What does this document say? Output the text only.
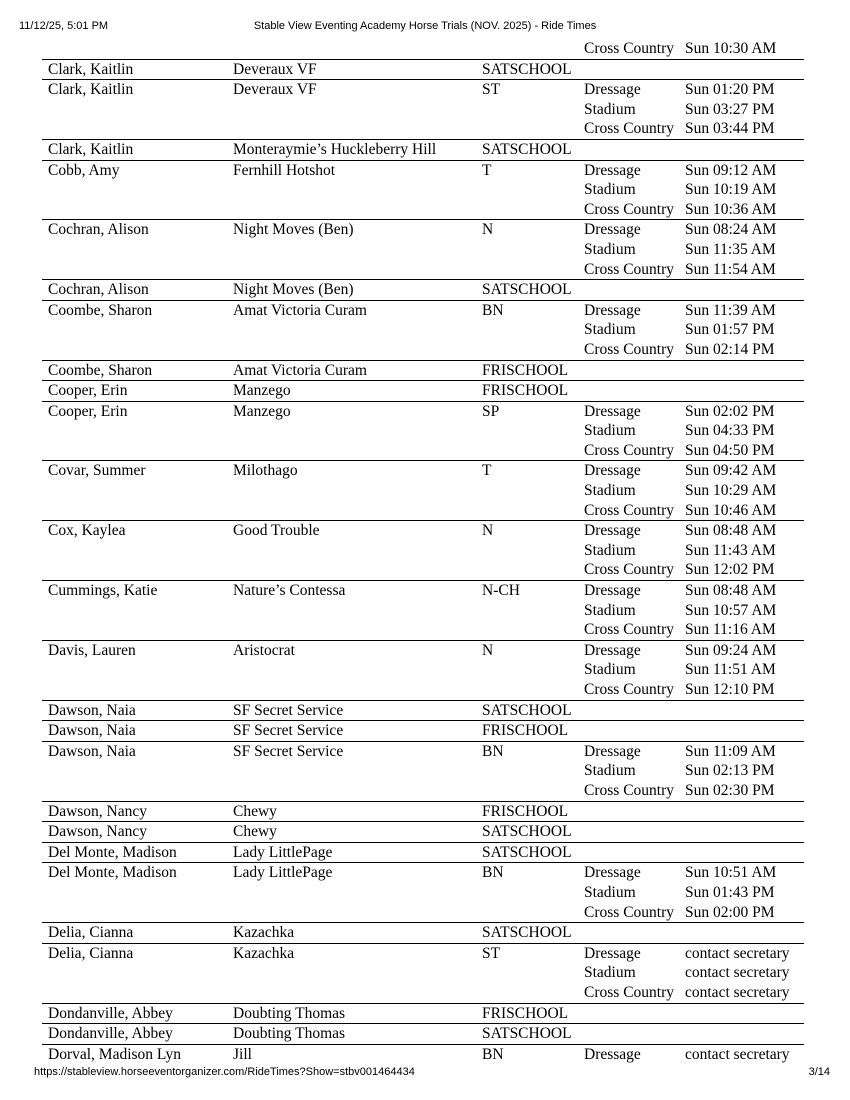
11/12/25, 5:01 PM	Stable View Eventing Academy Horse Trials (NOV. 2025) - Ride Times
Cross Country Sun 10:30 AM
Clark, Kaitlin	Deveraux VF	SATSCHOOL
Clark, Kaitlin	Deveraux VF	ST	Dressage	Sun 01:20 PM
Stadium	Sun 03:27 PM
Cross Country Sun 03:44 PM
Clark, Kaitlin	Monteraymie’s Huckleberry Hill	SATSCHOOL
Cobb, Amy	Fernhill Hotshot	T	Dressage	Sun 09:12 AM
Stadium	Sun 10:19 AM
Cross Country Sun 10:36 AM
Cochran, Alison	Night Moves (Ben)	N	Dressage	Sun 08:24 AM
Stadium	Sun 11:35 AM
Cross Country Sun 11:54 AM
Cochran, Alison	Night Moves (Ben)	SATSCHOOL
Coombe, Sharon	Amat Victoria Curam	BN	Dressage	Sun 11:39 AM
Stadium	Sun 01:57 PM
Cross Country Sun 02:14 PM
Coombe, Sharon	Amat Victoria Curam	FRISCHOOL
Cooper, Erin	Manzego	FRISCHOOL
Cooper, Erin	Manzego	SP	Dressage	Sun 02:02 PM
Stadium	Sun 04:33 PM
Cross Country Sun 04:50 PM
Covar, Summer	Milothago	T	Dressage	Sun 09:42 AM
Stadium	Sun 10:29 AM
Cross Country Sun 10:46 AM
Cox, Kaylea	Good Trouble	N	Dressage	Sun 08:48 AM
Stadium	Sun 11:43 AM
Cross Country Sun 12:02 PM
Cummings, Katie	Nature’s Contessa	N-CH	Dressage	Sun 08:48 AM
Stadium	Sun 10:57 AM
Cross Country Sun 11:16 AM
Davis, Lauren	Aristocrat	N	Dressage	Sun 09:24 AM
Stadium	Sun 11:51 AM
Cross Country Sun 12:10 PM
Dawson, Naia	SF Secret Service	SATSCHOOL
Dawson, Naia	SF Secret Service	FRISCHOOL
Dawson, Naia	SF Secret Service	BN	Dressage	Sun 11:09 AM
Stadium	Sun 02:13 PM
Cross Country Sun 02:30 PM
Dawson, Nancy	Chewy	FRISCHOOL
Dawson, Nancy	Chewy	SATSCHOOL
Del Monte, Madison	Lady LittlePage	SATSCHOOL
Del Monte, Madison	Lady LittlePage	BN	Dressage	Sun 10:51 AM
Stadium	Sun 01:43 PM
Cross Country Sun 02:00 PM
Delia, Cianna	Kazachka	SATSCHOOL
Delia, Cianna	Kazachka	ST	Dressage	contact secretary
Stadium	contact secretary
Cross Country contact secretary
Dondanville, Abbey	Doubting Thomas	FRISCHOOL
Dondanville, Abbey	Doubting Thomas	SATSCHOOL
Dorval, Madison Lyn	Jill	BN	Dressage	contact secretary
https://stableview.horseeventorganizer.com/RideTimes?Show=stbv001464434	3/14
